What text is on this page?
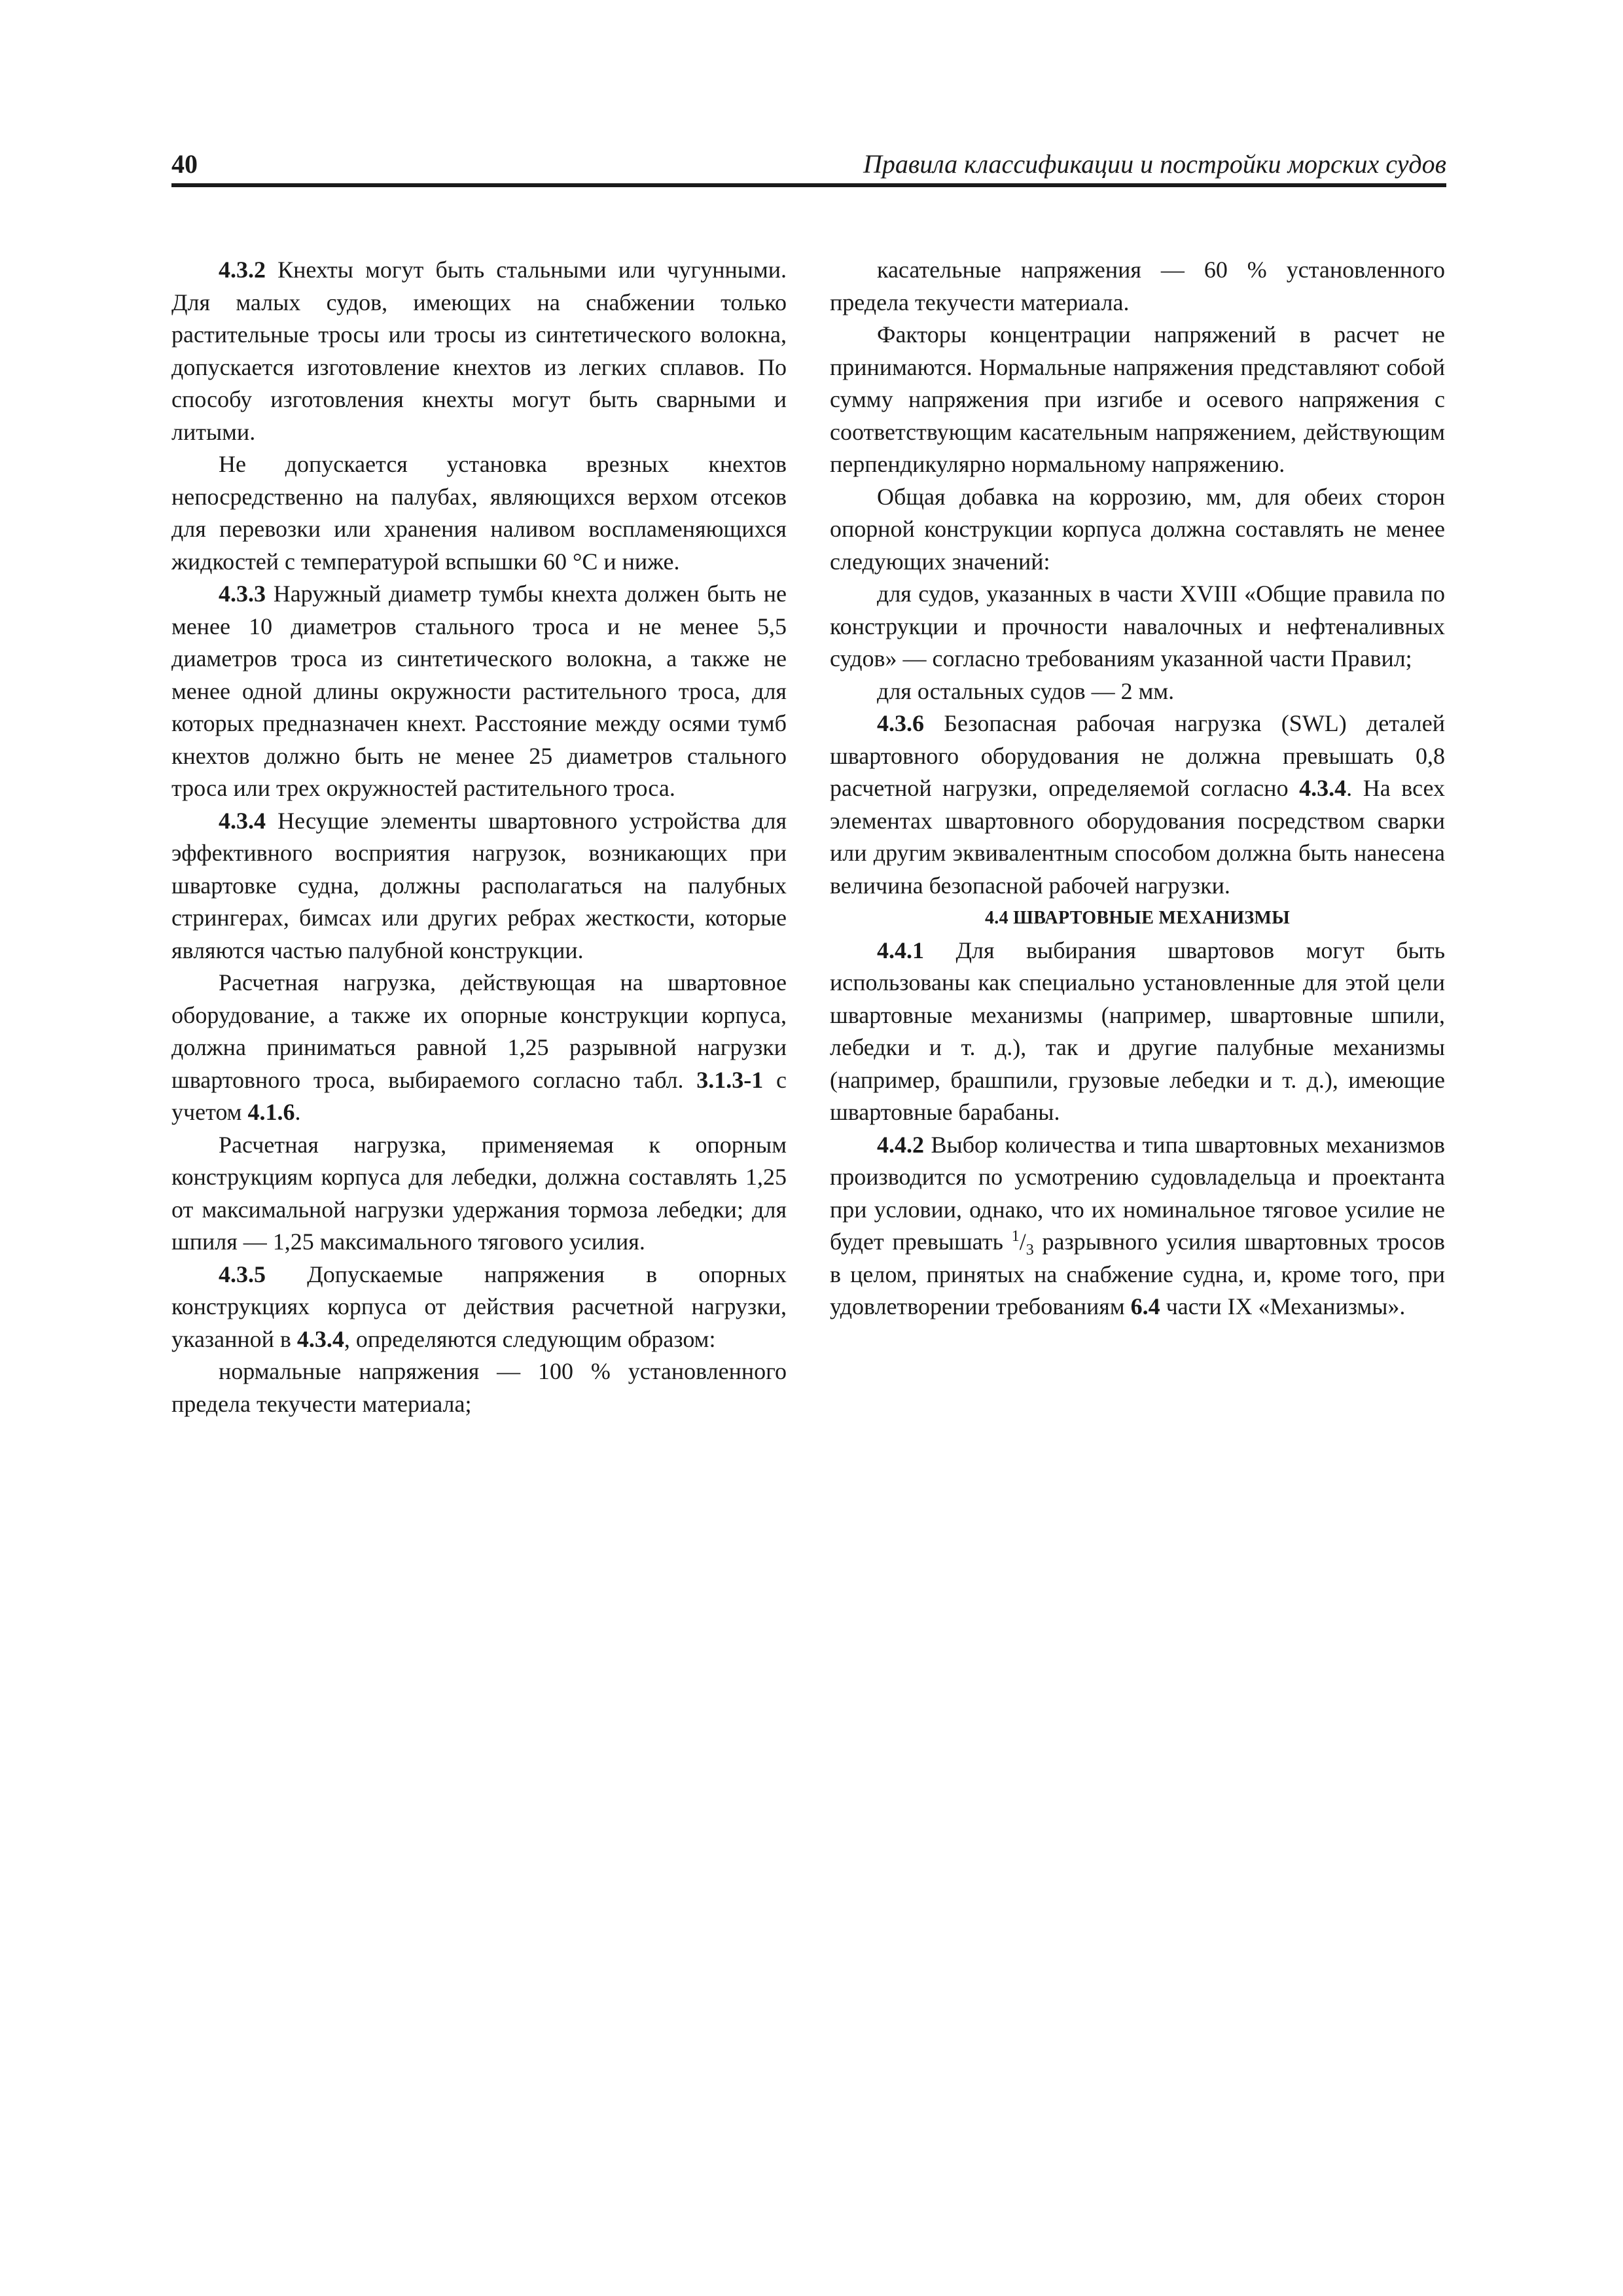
40	Правила классификации и постройки морских судов

4.3.2 Кнехты могут быть стальными или чугунными. Для малых судов, имеющих на снабжении только растительные тросы или тросы из синтетического волокна, допускается изготовление кнехтов из легких сплавов. По способу изготовления кнехты могут быть сварными и литыми.

Не допускается установка врезных кнехтов непосредственно на палубах, являющихся верхом отсеков для перевозки или хранения наливом воспламеняющихся жидкостей с температурой вспышки 60 °С и ниже.

4.3.3 Наружный диаметр тумбы кнехта должен быть не менее 10 диаметров стального троса и не менее 5,5 диаметров троса из синтетического волокна, а также не менее одной длины окружности растительного троса, для которых предназначен кнехт. Расстояние между осями тумб кнехтов должно быть не менее 25 диаметров стального троса или трех окружностей растительного троса.

4.3.4 Несущие элементы швартовного устройства для эффективного восприятия нагрузок, возникающих при швартовке судна, должны располагаться на палубных стрингерах, бимсах или других ребрах жесткости, которые являются частью палубной конструкции.

Расчетная нагрузка, действующая на швартовное оборудование, а также их опорные конструкции корпуса, должна приниматься равной 1,25 разрывной нагрузки швартовного троса, выбираемого согласно табл. 3.1.3-1 с учетом 4.1.6.

Расчетная нагрузка, применяемая к опорным конструкциям корпуса для лебедки, должна составлять 1,25 от максимальной нагрузки удержания тормоза лебедки; для шпиля — 1,25 максимального тягового усилия.

4.3.5 Допускаемые напряжения в опорных конструкциях корпуса от действия расчетной нагрузки, указанной в 4.3.4, определяются следующим образом:

нормальные напряжения — 100 % установленного предела текучести материала;

касательные напряжения — 60 % установленного предела текучести материала.

Факторы концентрации напряжений в расчет не принимаются. Нормальные напряжения представляют собой сумму напряжения при изгибе и осевого напряжения с соответствующим касательным напряжением, действующим перпендикулярно нормальному напряжению.

Общая добавка на коррозию, мм, для обеих сторон опорной конструкции корпуса должна составлять не менее следующих значений:

для судов, указанных в части XVIII «Общие правила по конструкции и прочности навалочных и нефтеналивных судов» — согласно требованиям указанной части Правил;

для остальных судов — 2 мм.

4.3.6 Безопасная рабочая нагрузка (SWL) деталей швартовного оборудования не должна превышать 0,8 расчетной нагрузки, определяемой согласно 4.3.4. На всех элементах швартовного оборудования посредством сварки или другим эквивалентным способом должна быть нанесена величина безопасной рабочей нагрузки.

4.4 ШВАРТОВНЫЕ МЕХАНИЗМЫ

4.4.1 Для выбирания швартовов могут быть использованы как специально установленные для этой цели швартовные механизмы (например, швартовные шпили, лебедки и т. д.), так и другие палубные механизмы (например, брашпили, грузовые лебедки и т. д.), имеющие швартовные барабаны.

4.4.2 Выбор количества и типа швартовных механизмов производится по усмотрению судовладельца и проектанта при условии, однако, что их номинальное тяговое усилие не будет превышать $^1/_3$ разрывного усилия швартовных тросов в целом, принятых на снабжение судна, и, кроме того, при удовлетворении требованиям 6.4 части IX «Механизмы».
